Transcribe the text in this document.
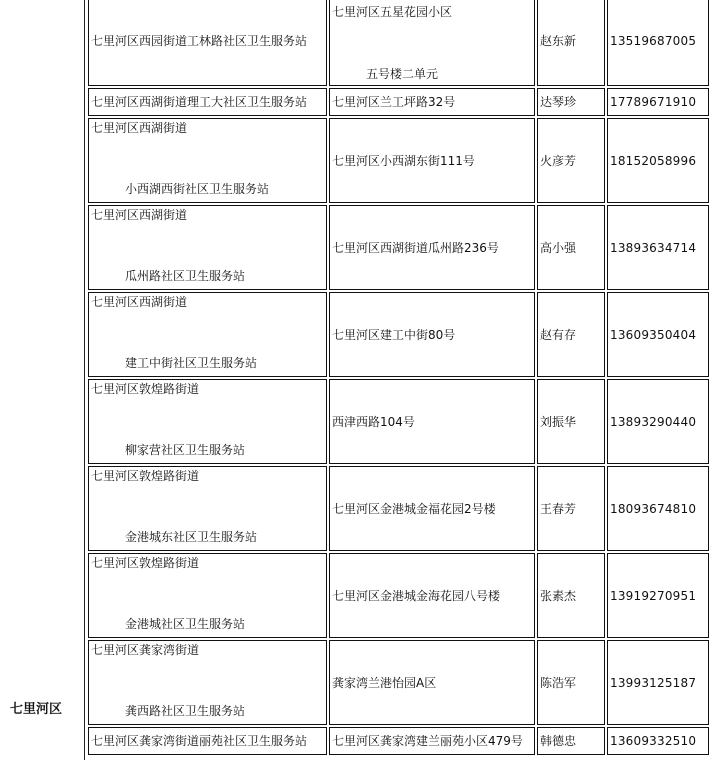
七里河区
七里河区西园街道工林路社区卫生服务站	七里河区五星花园小区
五号楼二单元	赵东新	13519687005
七里河区西湖街道理工大社区卫生服务站	七里河区兰工坪路32号	达琴珍	17789671910

七里河区西湖街道
小西湖西街社区卫生服务站	七里河区小西湖东街111号	火彦芳	18152058996

七里河区西湖街道
瓜州路社区卫生服务站	七里河区西湖街道瓜州路236号	高小强	13893634714

七里河区西湖街道
建工中街社区卫生服务站	七里河区建工中街80号	赵有存	13609350404

七里河区敦煌路街道
柳家营社区卫生服务站	西津西路104号	刘振华	13893290440

七里河区敦煌路街道
金港城东社区卫生服务站	七里河区金港城金福花园2号楼	王春芳	18093674810

七里河区敦煌路街道
金港城社区卫生服务站	七里河区金港城金海花园八号楼	张素杰	13919270951

七里河区龚家湾街道
龚西路社区卫生服务站	龚家湾兰港怡园A区	陈浩军	13993125187
七里河区龚家湾街道丽苑社区卫生服务站	七里河区龚家湾建兰丽苑小区479号	韩德忠	13609332510
